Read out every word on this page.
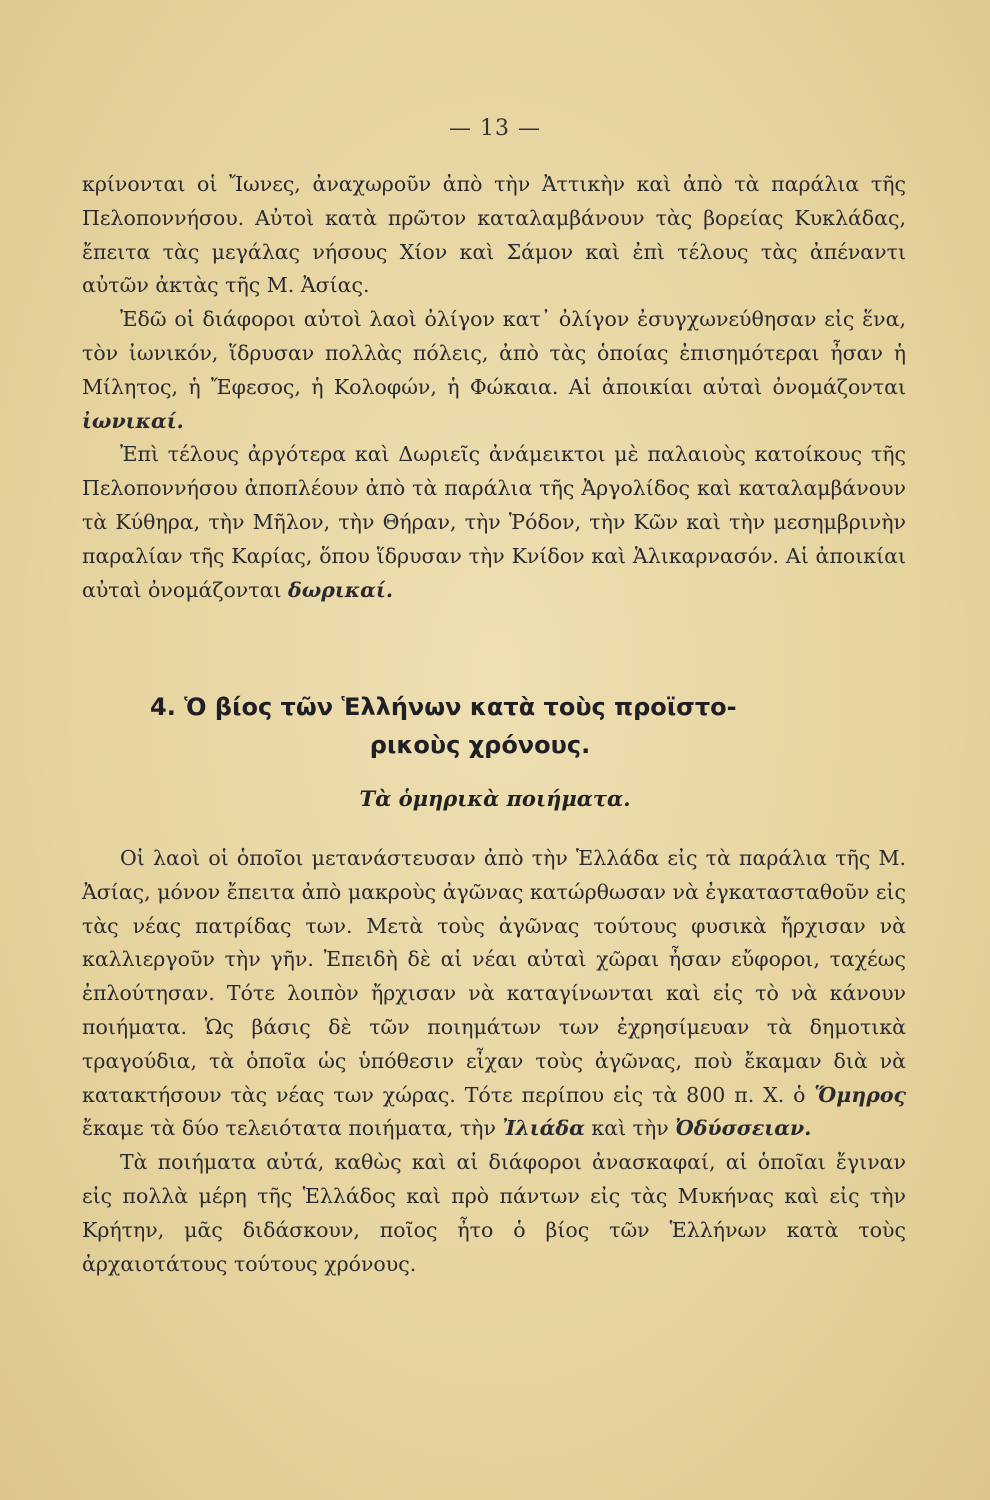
— 13 —

κρίνονται οἱ Ἴωνες, ἀναχωροῦν ἀπὸ τὴν Ἀττικὴν καὶ ἀπὸ τὰ παράλια τῆς Πελοποννήσου. Αὐτοὶ κατὰ πρῶτον καταλαμβάνουν τὰς βορείας Κυκλάδας, ἔπειτα τὰς μεγάλας νήσους Χίον καὶ Σάμον καὶ ἐπὶ τέλους τὰς ἀπέναντι αὐτῶν ἀκτὰς τῆς Μ. Ἀσίας.

Ἐδῶ οἱ διάφοροι αὐτοὶ λαοὶ ὀλίγον κατ᾽ ὀλίγον ἐσυγχωνεύθησαν εἰς ἕνα, τὸν ἰωνικόν, ἵδρυσαν πολλὰς πόλεις, ἀπὸ τὰς ὁποίας ἐπισημότεραι ἦσαν ἡ Μίλητος, ἡ Ἔφεσος, ἡ Κολοφών, ἡ Φώκαια. Αἱ ἀποικίαι αὐταὶ ὀνομάζονται ἰωνικαί.

Ἐπὶ τέλους ἀργότερα καὶ Δωριεῖς ἀνάμεικτοι μὲ παλαιοὺς κατοίκους τῆς Πελοποννήσου ἀποπλέουν ἀπὸ τὰ παράλια τῆς Ἀργολίδος καὶ καταλαμβάνουν τὰ Κύθηρα, τὴν Μῆλον, τὴν Θήραν, τὴν Ῥόδον, τὴν Κῶν καὶ τὴν μεσημβρινὴν παραλίαν τῆς Καρίας, ὅπου ἵδρυσαν τὴν Κνίδον καὶ Ἁλικαρνασόν. Αἱ ἀποικίαι αὐταὶ ὀνομάζονται δωρικαί.

4. Ὁ βίος τῶν Ἑλλήνων κατὰ τοὺς προϊστο-
ρικοὺς χρόνους.
Τὰ ὁμηρικὰ ποιήματα.

Οἱ λαοὶ οἱ ὁποῖοι μετανάστευσαν ἀπὸ τὴν Ἑλλάδα εἰς τὰ παράλια τῆς Μ. Ἀσίας, μόνον ἔπειτα ἀπὸ μακροὺς ἀγῶνας κατώρθωσαν νὰ ἐγκατασταθοῦν εἰς τὰς νέας πατρίδας των. Μετὰ τοὺς ἀγῶνας τούτους φυσικὰ ἤρχισαν νὰ καλλιεργοῦν τὴν γῆν. Ἐπειδὴ δὲ αἱ νέαι αὐταὶ χῶραι ἦσαν εὔφοροι, ταχέως ἐπλούτησαν. Τότε λοιπὸν ἤρχισαν νὰ καταγίνωνται καὶ εἰς τὸ νὰ κάνουν ποιήματα. Ὡς βάσις δὲ τῶν ποιημάτων των ἐχρησίμευαν τὰ δημοτικὰ τραγούδια, τὰ ὁποῖα ὡς ὑπόθεσιν εἶχαν τοὺς ἀγῶνας, ποὺ ἔκαμαν διὰ νὰ κατακτήσουν τὰς νέας των χώρας. Τότε περίπου εἰς τὰ 800 π. Χ. ὁ Ὅμηρος ἔκαμε τὰ δύο τελειότατα ποιήματα, τὴν Ἰλιάδα καὶ τὴν Ὀδύσσειαν.

Τὰ ποιήματα αὐτά, καθὼς καὶ αἱ διάφοροι ἀνασκαφαί, αἱ ὁποῖαι ἔγιναν εἰς πολλὰ μέρη τῆς Ἑλλάδος καὶ πρὸ πάντων εἰς τὰς Μυκήνας καὶ εἰς τὴν Κρήτην, μᾶς διδάσκουν, ποῖος ἦτο ὁ βίος τῶν Ἑλλήνων κατὰ τοὺς ἀρχαιοτάτους τούτους χρόνους.
